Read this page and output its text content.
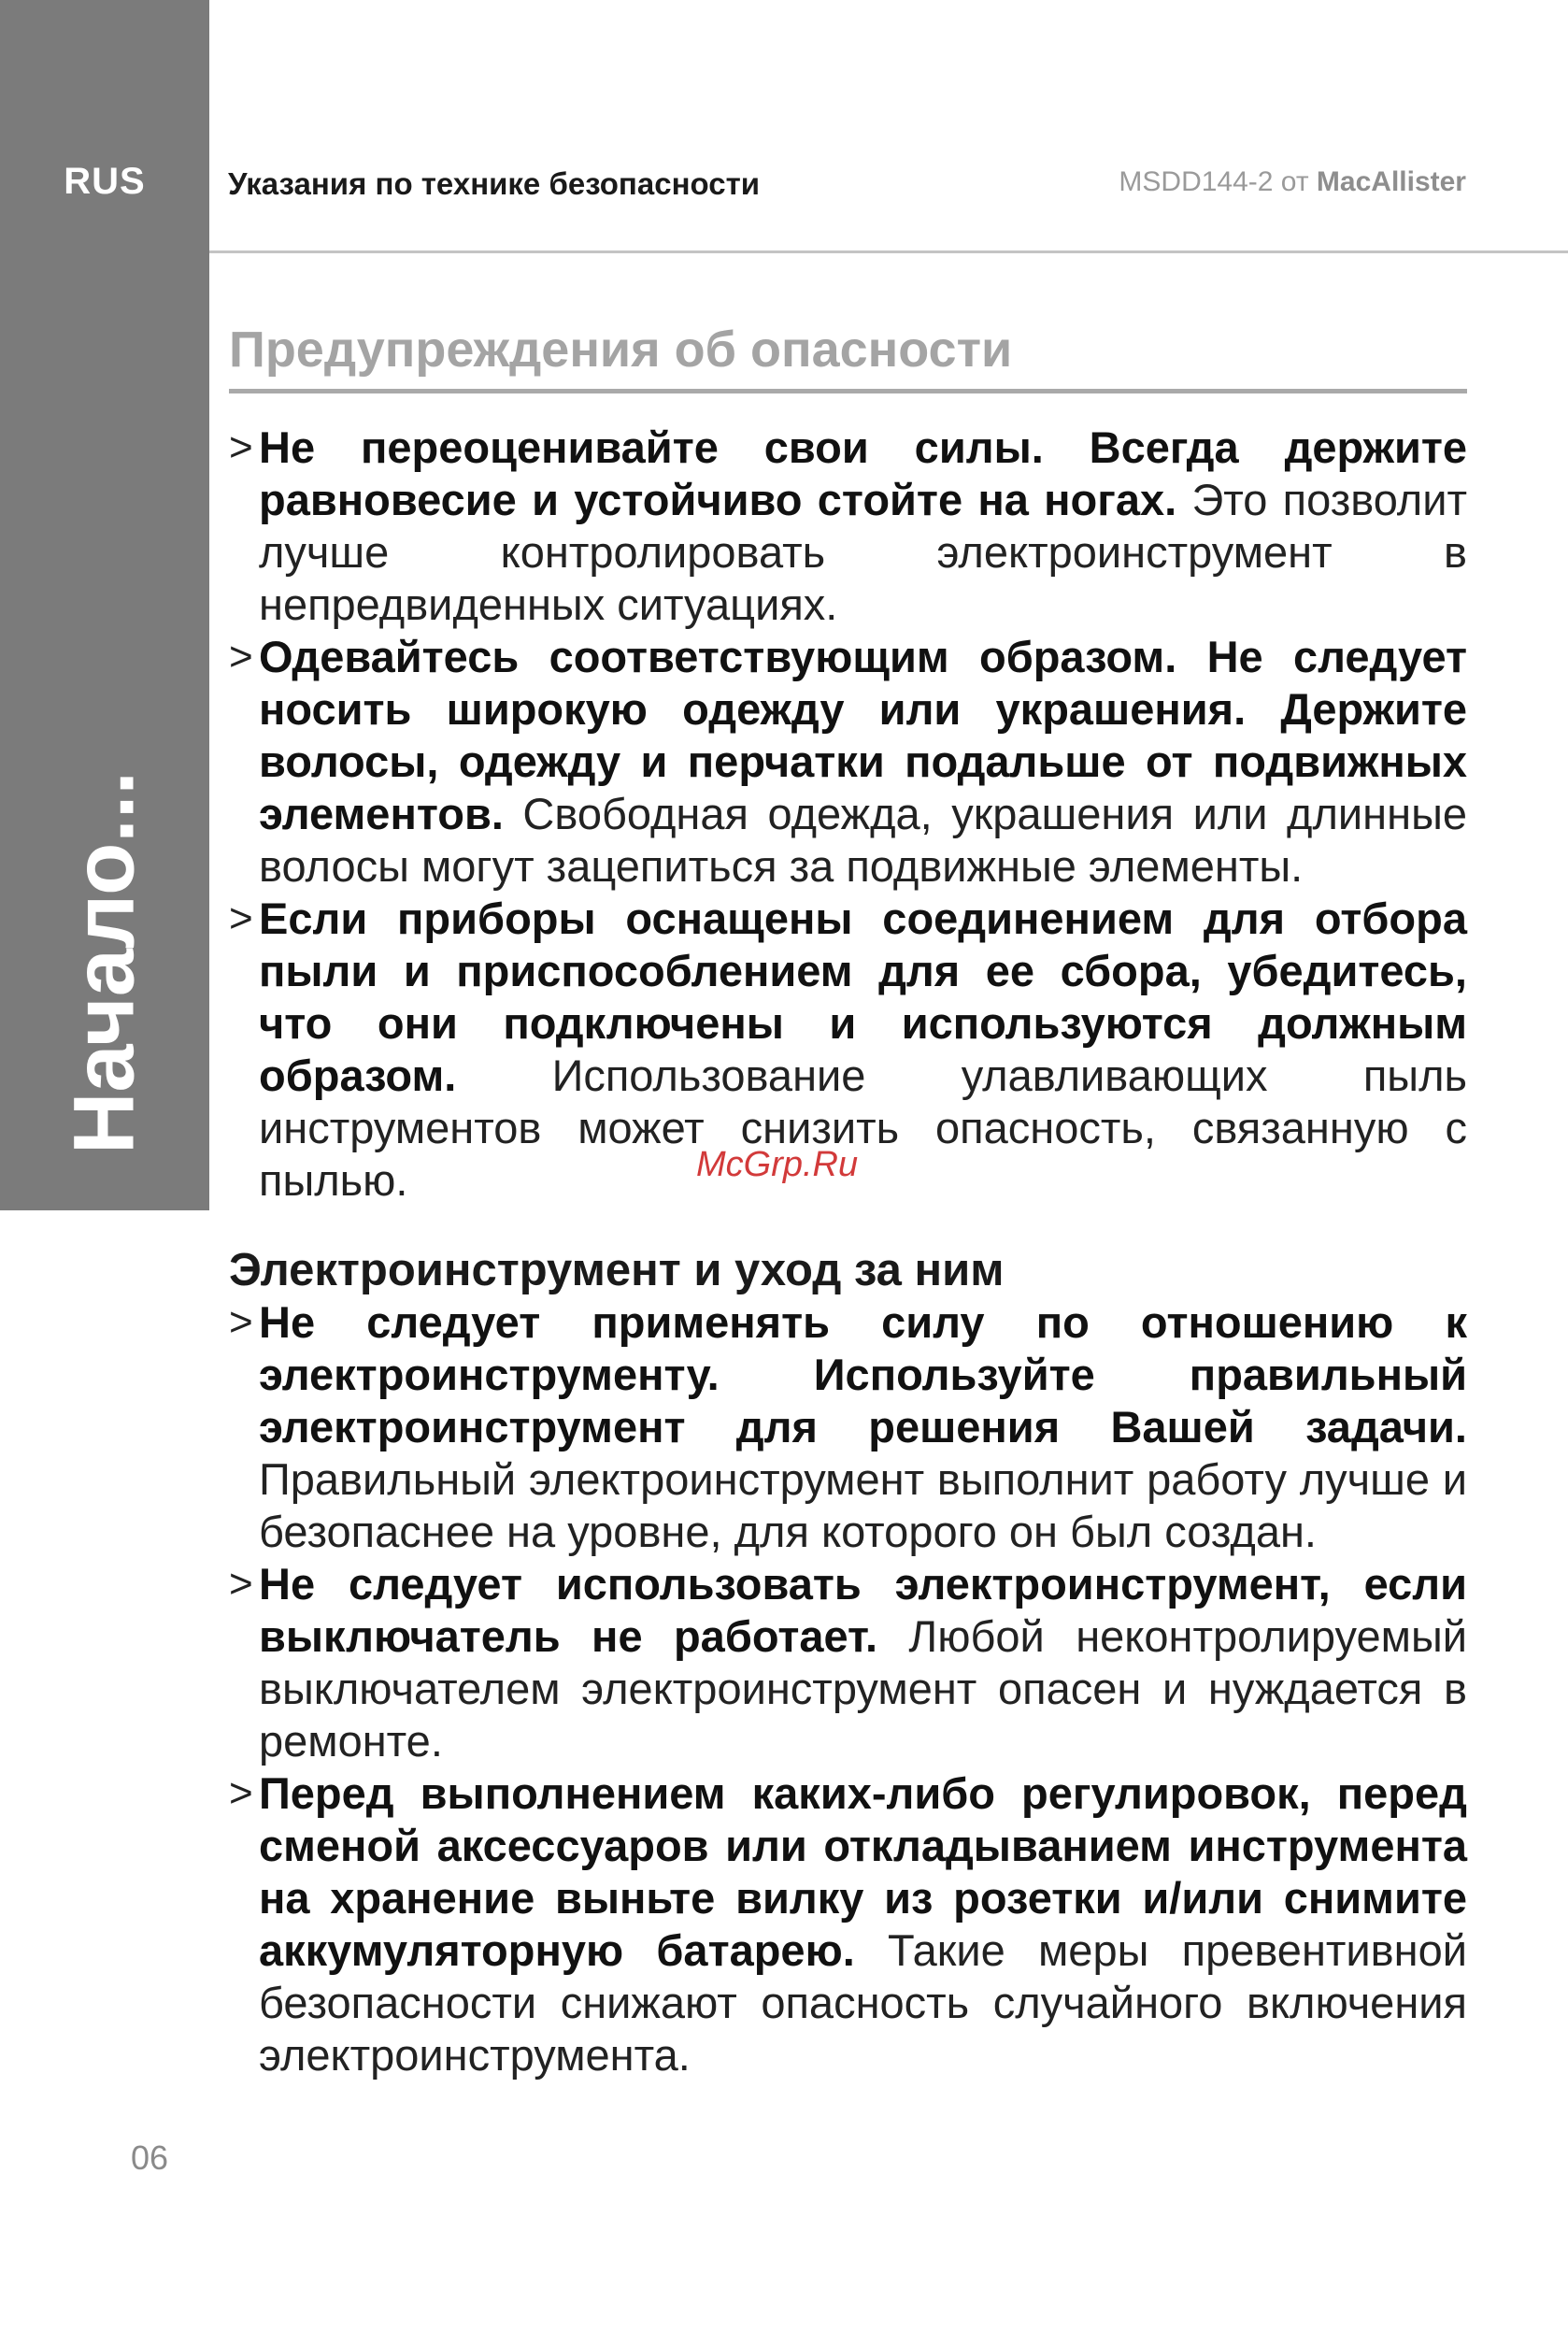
RUS
Начало...
Указания по технике безопасности	MSDD144-2 от MacAllister
Предупреждения об опасности
> Не переоценивайте свои силы. Всегда держите равновесие и устойчиво стойте на ногах. Это позволит лучше контролировать электроинструмент в непредвиденных ситуациях.
> Одевайтесь соответствующим образом. Не следует носить широкую одежду или украшения. Держите волосы, одежду и перчатки подальше от подвижных элементов. Свободная одежда, украшения или длинные волосы могут зацепиться за подвижные элементы.
> Если приборы оснащены соединением для отбора пыли и приспособлением для ее сбора, убедитесь, что они подключены и используются должным образом. Использование улавливающих пыль инструментов может снизить опасность, связанную с пылью.
Электроинструмент и уход за ним
> Не следует применять силу по отношению к электроинструменту. Используйте правильный электроинструмент для решения Вашей задачи. Правильный электроинструмент выполнит работу лучше и безопаснее на уровне, для которого он был создан.
> Не следует использовать электроинструмент, если выключатель не работает. Любой неконтролируемый выключателем электроинструмент опасен и нуждается в ремонте.
> Перед выполнением каких-либо регулировок, перед сменой аксессуаров или откладыванием инструмента на хранение выньте вилку из розетки и/или снимите аккумуляторную батарею. Такие меры превентивной безопасности снижают опасность случайного включения электроинструмента.
McGrp.Ru
06
